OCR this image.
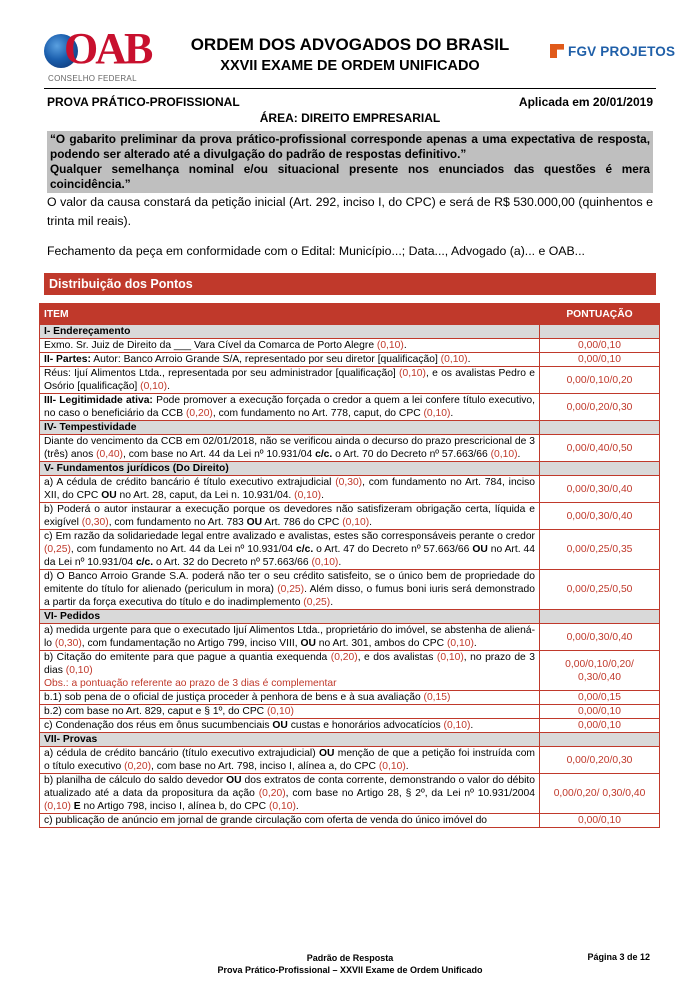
OAB
CONSELHO FEDERAL
ORDEM DOS ADVOGADOS DO BRASIL
XXVII EXAME DE ORDEM UNIFICADO
FGV PROJETOS
PROVA PRÁTICO-PROFISSIONAL	Aplicada em 20/01/2019
ÁREA: DIREITO EMPRESARIAL
“O gabarito preliminar da prova prático-profissional corresponde apenas a uma expectativa de resposta, podendo ser alterado até a divulgação do padrão de respostas definitivo.”
Qualquer semelhança nominal e/ou situacional presente nos enunciados das questões é mera coincidência.”
O valor da causa constará da petição inicial (Art. 292, inciso I, do CPC) e será de R$ 530.000,00 (quinhentos e trinta mil reais).
Fechamento da peça em conformidade com o Edital: Município...; Data..., Advogado (a)... e OAB...
Distribuição dos Pontos
ITEM	PONTUAÇÃO
I- Endereçamento	
Exmo. Sr. Juiz de Direito da ___ Vara Cível da Comarca de Porto Alegre (0,10).	0,00/0,10
II- Partes: Autor: Banco Arroio Grande S/A, representado por seu diretor [qualificação] (0,10).	0,00/0,10
Réus: Ijuí Alimentos Ltda., representada por seu administrador [qualificação] (0,10), e os avalistas Pedro e Osório [qualificação] (0,10).	0,00/0,10/0,20
III- Legitimidade ativa: Pode promover a execução forçada o credor a quem a lei confere título executivo, no caso o beneficiário da CCB (0,20), com fundamento no Art. 778, caput, do CPC (0,10).	0,00/0,20/0,30
IV- Tempestividade	
Diante do vencimento da CCB em 02/01/2018, não se verificou ainda o decurso do prazo prescricional de 3 (três) anos (0,40), com base no Art. 44 da Lei nº 10.931/04 c/c. o Art. 70 do Decreto nº 57.663/66 (0,10).	0,00/0,40/0,50
V- Fundamentos jurídicos (Do Direito)	
a) A cédula de crédito bancário é título executivo extrajudicial (0,30), com fundamento no Art. 784, inciso XII, do CPC OU no Art. 28, caput, da Lei n. 10.931/04. (0,10).	0,00/0,30/0,40
b) Poderá o autor instaurar a execução porque os devedores não satisfizeram obrigação certa, líquida e exigível (0,30), com fundamento no Art. 783 OU Art. 786 do CPC (0,10).	0,00/0,30/0,40
c) Em razão da solidariedade legal entre avalizado e avalistas, estes são corresponsáveis perante o credor (0,25), com fundamento no Art. 44 da Lei nº 10.931/04 c/c. o Art. 47 do Decreto nº 57.663/66 OU no Art. 44 da Lei nº 10.931/04 c/c. o Art. 32 do Decreto nº 57.663/66 (0,10).	0,00/0,25/0,35
d) O Banco Arroio Grande S.A. poderá não ter o seu crédito satisfeito, se o único bem de propriedade do emitente do título for alienado (periculum in mora) (0,25). Além disso, o fumus boni iuris será demonstrado a partir da força executiva do título e do inadimplemento (0,25).	0,00/0,25/0,50
VI- Pedidos	
a) medida urgente para que o executado Ijuí Alimentos Ltda., proprietário do imóvel, se abstenha de aliená-lo (0,30), com fundamentação no Artigo 799, inciso VIII, OU no Art. 301, ambos do CPC (0,10).	0,00/0,30/0,40
b) Citação do emitente para que pague a quantia exequenda (0,20), e dos avalistas (0,10), no prazo de 3 dias (0,10)
Obs.: a pontuação referente ao prazo de 3 dias é complementar	0,00/0,10/0,20/ 0,30/0,40
b.1) sob pena de o oficial de justiça proceder à penhora de bens e à sua avaliação (0,15)	0,00/0,15
b.2) com base no Art. 829, caput e § 1º, do CPC (0,10)	0,00/0,10
c) Condenação dos réus em ônus sucumbenciais OU custas e honorários advocatícios (0,10).	0,00/0,10
VII- Provas	
a) cédula de crédito bancário (título executivo extrajudicial) OU menção de que a petição foi instruída com o título executivo (0,20), com base no Art. 798, inciso I, alínea a, do CPC (0,10).	0,00/0,20/0,30
b) planilha de cálculo do saldo devedor OU dos extratos de conta corrente, demonstrando o valor do débito atualizado até a data da propositura da ação (0,20), com base no Artigo 28, § 2º, da Lei nº 10.931/2004 (0,10) E no Artigo 798, inciso I, alínea b, do CPC (0,10).	0,00/0,20/ 0,30/0,40
c) publicação de anúncio em jornal de grande circulação com oferta de venda do único imóvel do	0,00/0,10
Padrão de Resposta
Prova Prático-Profissional – XXVII Exame de Ordem Unificado
Página 3 de 12
